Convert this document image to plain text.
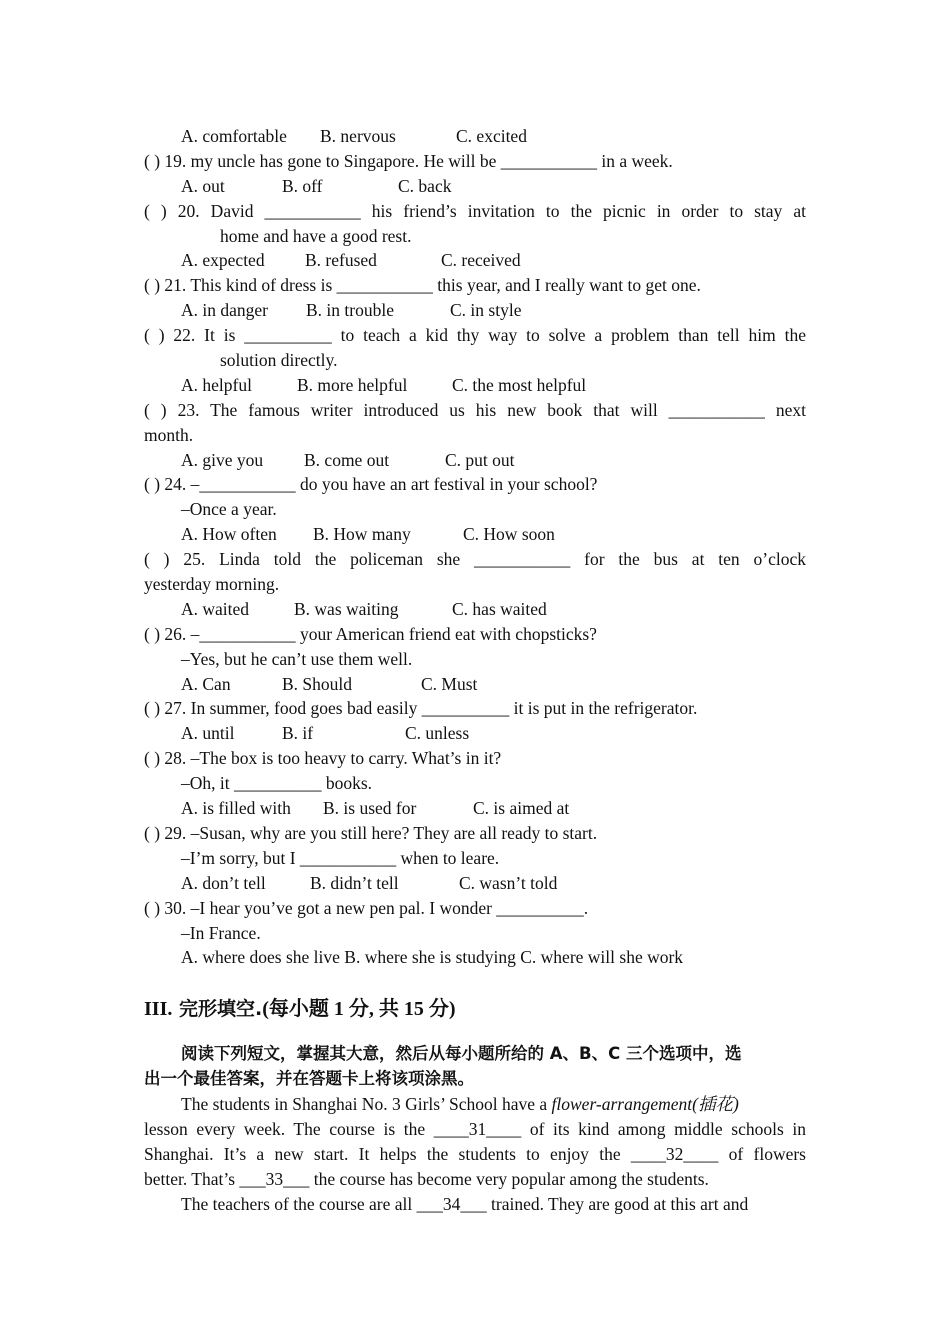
A. comfortable B. nervous	C. excited
( ) 19. my uncle has gone to Singapore. He will be ___________ in a week.
A. out	B. off	C. back
( ) 20. David ___________ his friend’s invitation to the picnic in order to stay at
home and have a good rest.
A. expected B. refused	C. received
( ) 21. This kind of dress is ___________ this year, and I really want to get one.
A. in danger B. in trouble	C. in style
( ) 22. It is __________ to teach a kid thy way to solve a problem than tell him the
solution directly.
A. helpful	B. more helpful	C. the most helpful
( ) 23. The famous writer introduced us his new book that will ___________ next
month.
A. give you B. come out	C. put out
( ) 24. –___________ do you have an art festival in your school?
–Once a year.
A. How often B. How many	C. How soon
( ) 25. Linda told the policeman she ___________ for the bus at ten o’clock
yesterday morning.
A. waited	B. was waiting	C. has waited
( ) 26. –___________ your American friend eat with chopsticks?
–Yes, but he can’t use them well.
A. Can	B. Should	C. Must
( ) 27. In summer, food goes bad easily __________ it is put in the refrigerator.
A. until	B. if	C. unless
( ) 28. –The box is too heavy to carry. What’s in it?
–Oh, it __________ books.
A. is filled with B. is used for	C. is aimed at
( ) 29. –Susan, why are you still here? They are all ready to start.
–I’m sorry, but I ___________ when to leare.
A. don’t tell	B. didn’t tell	C. wasn’t told
( ) 30. –I hear you’ve got a new pen pal. I wonder __________.
–In France.
A. where does she live B. where she is studying C. where will she work
III. 完形填空.(每小题 1 分, 共 15 分)
阅读下列短文，掌握其大意，然后从每小题所给的 A、B、C 三个选项中，选
出一个最佳答案，并在答题卡上将该项涂黑。
The students in Shanghai No. 3 Girls’ School have a flower-arrangement(插花)
lesson every week. The course is the ____31____ of its kind among middle schools in
Shanghai. It’s a new start. It helps the students to enjoy the ____32____ of flowers
better. That’s ___33___ the course has become very popular among the students.
The teachers of the course are all ___34___ trained. They are good at this art and
